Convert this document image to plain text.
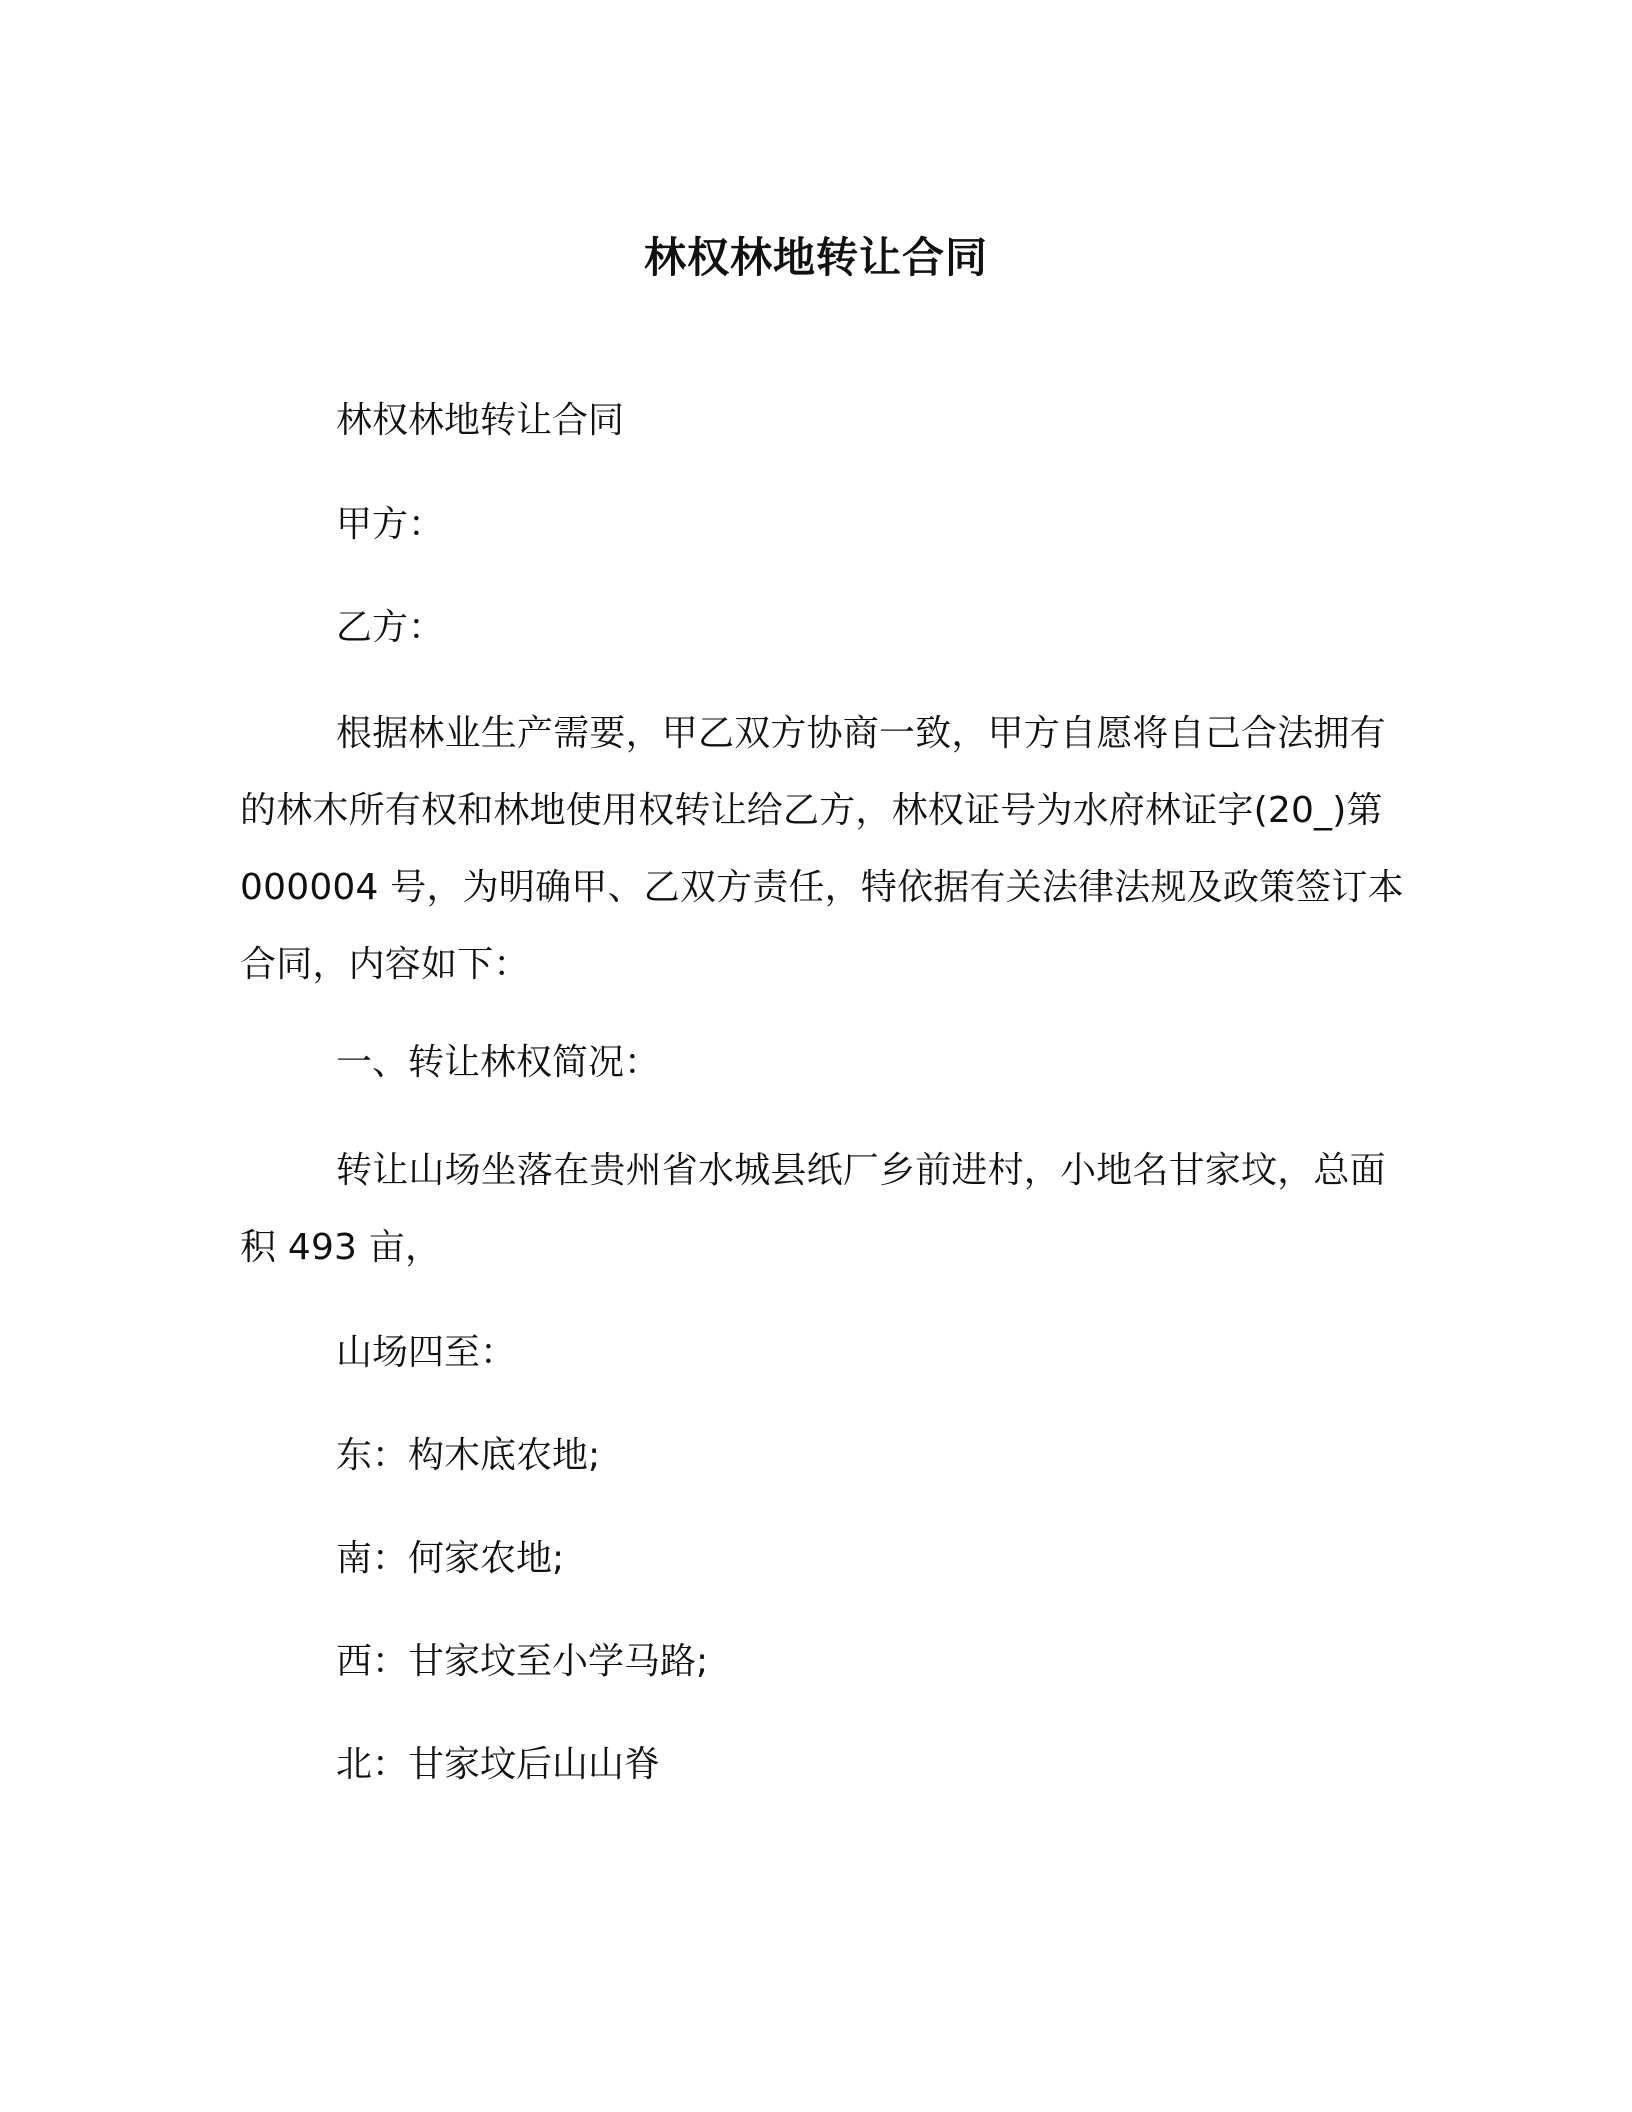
林权林地转让合同
林权林地转让合同
甲方：
乙方：
根据林业生产需要，甲乙双方协商一致，甲方自愿将自己合法拥有的林木所有权和林地使用权转让给乙方，林权证号为水府林证字(20_)第 000004 号，为明确甲、乙双方责任，特依据有关法律法规及政策签订本合同，内容如下：
一、转让林权简况：
转让山场坐落在贵州省水城县纸厂乡前进村，小地名甘家坟，总面积 493 亩，
山场四至：
东：构木底农地;
南：何家农地;
西：甘家坟至小学马路;
北：甘家坟后山山脊
